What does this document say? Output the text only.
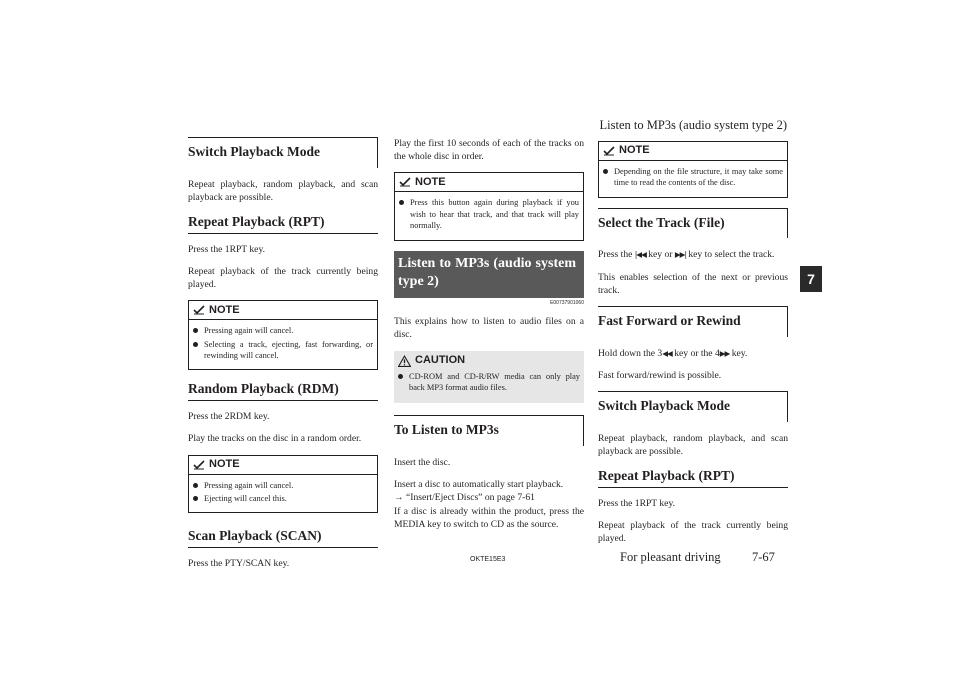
Listen to MP3s (audio system type 2)
7
Switch Playback Mode

Repeat playback, random playback, and scan playback are possible.

Repeat Playback (RPT)

Press the 1RPT key.

Repeat playback of the track currently being played.

NOTE
Pressing again will cancel.
Selecting a track, ejecting, fast forwarding, or rewinding will cancel.
Random Playback (RDM)

Press the 2RDM key.

Play the tracks on the disc in a random order.

NOTE
Pressing again will cancel.
Ejecting will cancel this.
Scan Playback (SCAN)

Press the PTY/SCAN key.

Play the first 10 seconds of each of the tracks on the whole disc in order.

NOTE
Press this button again during playback if you wish to hear that track, and that track will play normally.
Listen to MP3s (audio system type 2)
E00737901060

This explains how to listen to audio files on a disc.

CAUTION
CD-ROM and CD-R/RW media can only play back MP3 format audio files.
To Listen to MP3s

Insert the disc.

Insert a disc to automatically start playback.

→ “Insert/Eject Discs” on page 7-61

If a disc is already within the product, press the MEDIA key to switch to CD as the source.

NOTE
Depending on the file structure, it may take some time to read the contents of the disc.
Select the Track (File)

Press the |◀◀ key or ▶▶| key to select the track.

This enables selection of the next or previous track.

Fast Forward or Rewind

Hold down the 3◀◀ key or the 4▶▶ key.

Fast forward/rewind is possible.

Switch Playback Mode

Repeat playback, random playback, and scan playback are possible.

Repeat Playback (RPT)

Press the 1RPT key.

Repeat playback of the track currently being played.

OKTE15E3	For pleasant driving	7-67
